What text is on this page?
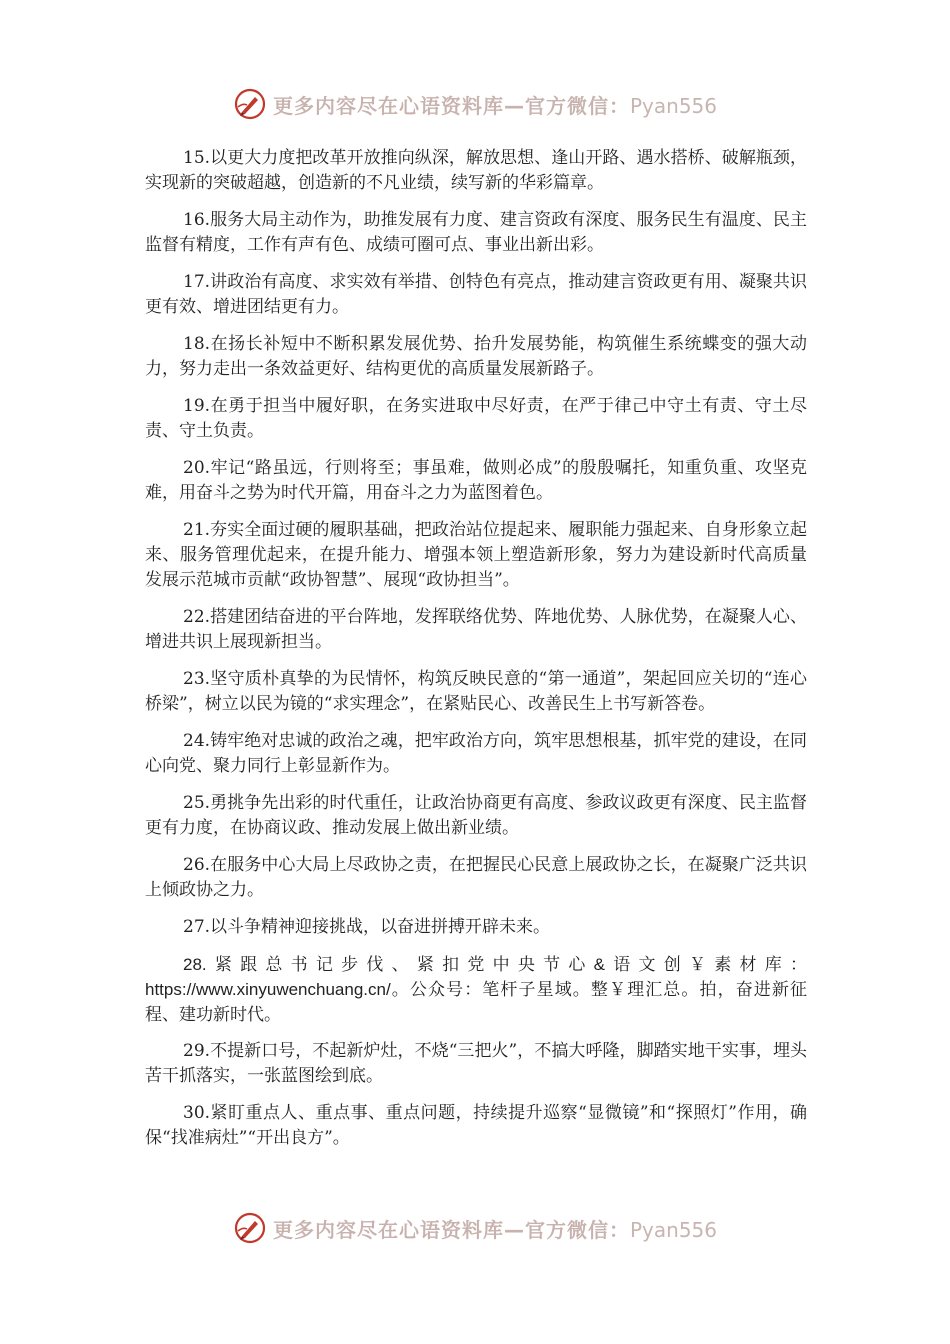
更多内容尽在心语资料库—官方微信：Pyan556

15.以更大力度把改革开放推向纵深，解放思想、逢山开路、遇水搭桥、破解瓶颈，实现新的突破超越，创造新的不凡业绩，续写新的华彩篇章。

16.服务大局主动作为，助推发展有力度、建言资政有深度、服务民生有温度、民主监督有精度，工作有声有色、成绩可圈可点、事业出新出彩。

17.讲政治有高度、求实效有举措、创特色有亮点，推动建言资政更有用、凝聚共识更有效、增进团结更有力。

18.在扬长补短中不断积累发展优势、抬升发展势能，构筑催生系统蝶变的强大动力，努力走出一条效益更好、结构更优的高质量发展新路子。

19.在勇于担当中履好职，在务实进取中尽好责，在严于律己中守土有责、守土尽责、守土负责。

20.牢记“路虽远，行则将至；事虽难，做则必成”的殷殷嘱托，知重负重、攻坚克难，用奋斗之势为时代开篇，用奋斗之力为蓝图着色。

21.夯实全面过硬的履职基础，把政治站位提起来、履职能力强起来、自身形象立起来、服务管理优起来，在提升能力、增强本领上塑造新形象，努力为建设新时代高质量发展示范城市贡献“政协智慧”、展现“政协担当”。

22.搭建团结奋进的平台阵地，发挥联络优势、阵地优势、人脉优势，在凝聚人心、增进共识上展现新担当。

23.坚守质朴真挚的为民情怀，构筑反映民意的“第一通道”，架起回应关切的“连心桥梁”，树立以民为镜的“求实理念”，在紧贴民心、改善民生上书写新答卷。

24.铸牢绝对忠诚的政治之魂，把牢政治方向，筑牢思想根基，抓牢党的建设，在同心向党、聚力同行上彰显新作为。

25.勇挑争先出彩的时代重任，让政治协商更有高度、参政议政更有深度、民主监督更有力度，在协商议政、推动发展上做出新业绩。

26.在服务中心大局上尽政协之责，在把握民心民意上展政协之长，在凝聚广泛共识上倾政协之力。

27.以斗争精神迎接挑战，以奋进拼搏开辟未来。

28.紧跟总书记步伐、紧扣党中央节心&语文创￥素材库：https://www.xinyuwenchuang.cn/。公众号：笔杆子星域。整￥理汇总。拍，奋进新征程、建功新时代。

29.不提新口号，不起新炉灶，不烧“三把火”，不搞大呼隆，脚踏实地干实事，埋头苦干抓落实，一张蓝图绘到底。

30.紧盯重点人、重点事、重点问题，持续提升巡察“显微镜”和“探照灯”作用，确保“找准病灶”“开出良方”。

更多内容尽在心语资料库—官方微信：Pyan556
